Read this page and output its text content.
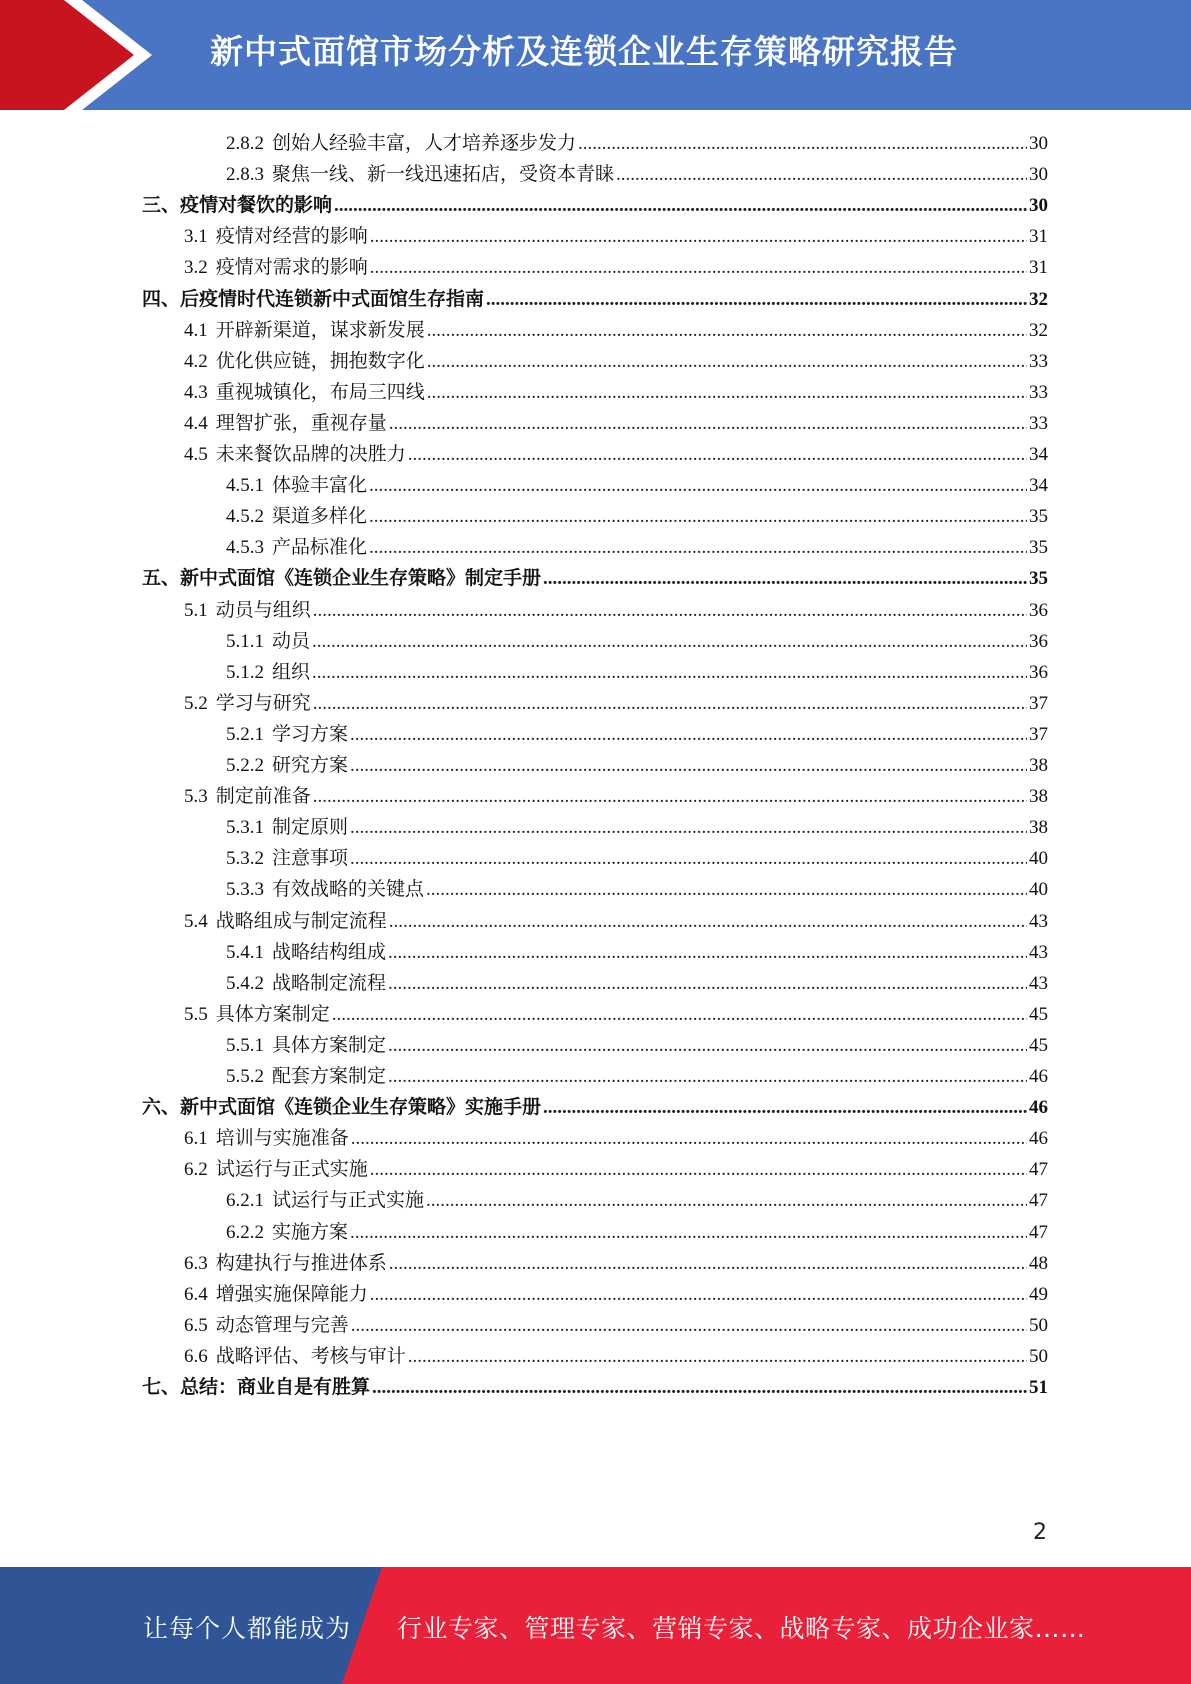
新中式面馆市场分析及连锁企业生存策略研究报告
2.8.2 创始人经验丰富，人才培养逐步发力 .....	30
2.8.3 聚焦一线、新一线迅速拓店，受资本青睐 .....	30
三、 疫情对餐饮的影响 .....	30
3.1 疫情对经营的影响 .....	31
3.2 疫情对需求的影响 .....	31
四、 后疫情时代连锁新中式面馆生存指南 .....	32
4.1 开辟新渠道，谋求新发展 .....	32
4.2 优化供应链，拥抱数字化 .....	33
4.3 重视城镇化，布局三四线 .....	33
4.4 理智扩张，重视存量 .....	33
4.5 未来餐饮品牌的决胜力 .....	34
4.5.1 体验丰富化 .....	34
4.5.2 渠道多样化 .....	35
4.5.3 产品标准化 .....	35
五、 新中式面馆《连锁企业生存策略》制定手册 .....	35
5.1 动员与组织 .....	36
5.1.1 动员 .....	36
5.1.2 组织 .....	36
5.2 学习与研究 .....	37
5.2.1 学习方案 .....	37
5.2.2 研究方案 .....	38
5.3 制定前准备 .....	38
5.3.1 制定原则 .....	38
5.3.2 注意事项 .....	40
5.3.3 有效战略的关键点 .....	40
5.4 战略组成与制定流程 .....	43
5.4.1 战略结构组成 .....	43
5.4.2 战略制定流程 .....	43
5.5 具体方案制定 .....	45
5.5.1 具体方案制定 .....	45
5.5.2 配套方案制定 .....	46
六、 新中式面馆《连锁企业生存策略》实施手册 .....	46
6.1 培训与实施准备 .....	46
6.2 试运行与正式实施 .....	47
6.2.1 试运行与正式实施 .....	47
6.2.2 实施方案 .....	47
6.3 构建执行与推进体系 .....	48
6.4 增强实施保障能力 .....	49
6.5 动态管理与完善 .....	50
6.6 战略评估、考核与审计 .....	50
七、 总结：商业自是有胜算 .....	51
2
让每个人都能成为 行业专家、管理专家、营销专家、战略专家、成功企业家……
